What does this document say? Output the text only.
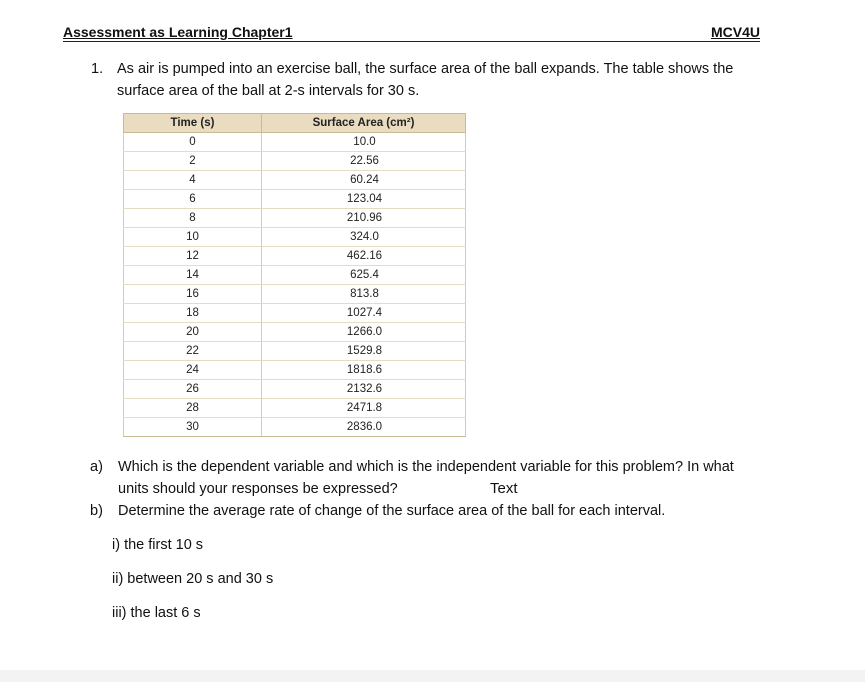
Assessment as Learning Chapter1	MCV4U
1. As air is pumped into an exercise ball, the surface area of the ball expands. The table shows the surface area of the ball at 2-s intervals for 30 s.
Time (s)	Surface Area (cm²)
0	10.0
2	22.56
4	60.24
6	123.04
8	210.96
10	324.0
12	462.16
14	625.4
16	813.8
18	1027.4
20	1266.0
22	1529.8
24	1818.6
26	2132.6
28	2471.8
30	2836.0
a) Which is the dependent variable and which is the independent variable for this problem? In what units should your responses be expressed?	Text
b) Determine the average rate of change of the surface area of the ball for each interval.
i) the first 10 s
ii) between 20 s and 30 s
iii) the last 6 s
